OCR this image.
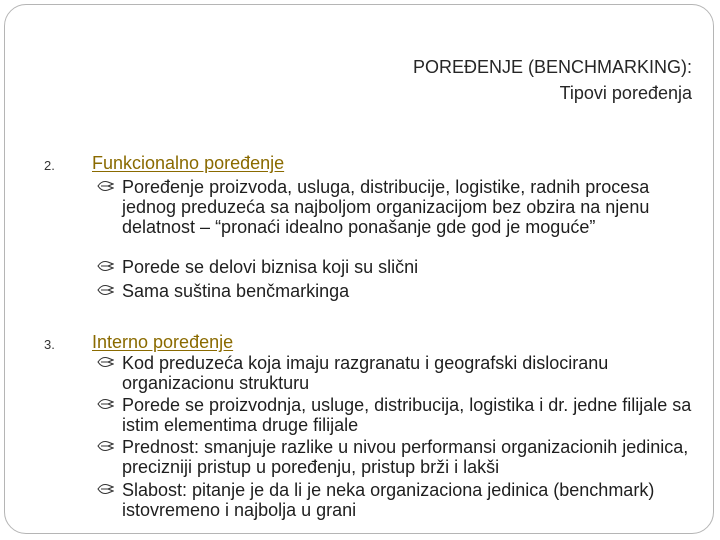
POREĐENJE (BENCHMARKING):
Tipovi poređenja
2. Funkcionalno poređenje
Poređenje proizvoda, usluga, distribucije, logistike, radnih procesa jednog preduzeća sa najboljom organizacijom bez obzira na njenu delatnost – “pronaći idealno ponašanje gde god je moguće”
Porede se delovi biznisa koji su slični
Sama suština benčmarkinga
3. Interno poređenje
Kod preduzeća koja imaju razgranatu i geografski dislociranu organizacionu strukturu
Porede se proizvodnja, usluge, distribucija, logistika i dr. jedne filijale sa istim elementima druge filijale
Prednost: smanjuje razlike u nivou performansi organizacionih jedinica, precizniji pristup u poređenju, pristup brži i lakši
Slabost: pitanje je da li je neka organizaciona jedinica (benchmark) istovremeno i najbolja u grani
